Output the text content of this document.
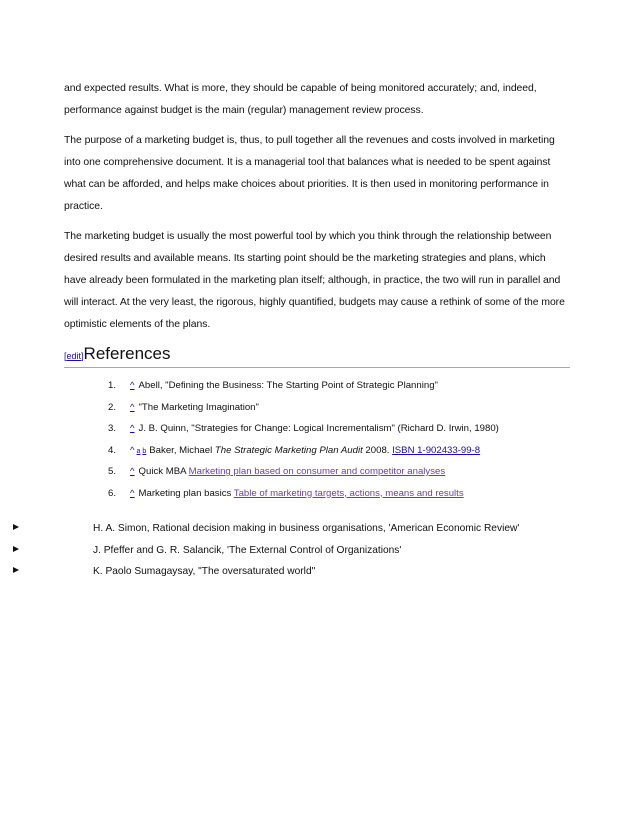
and expected results. What is more, they should be capable of being monitored accurately; and, indeed, performance against budget is the main (regular) management review process.

The purpose of a marketing budget is, thus, to pull together all the revenues and costs involved in marketing into one comprehensive document. It is a managerial tool that balances what is needed to be spent against what can be afforded, and helps make choices about priorities. It is then used in monitoring performance in practice.

The marketing budget is usually the most powerful tool by which you think through the relationship between desired results and available means. Its starting point should be the marketing strategies and plans, which have already been formulated in the marketing plan itself; although, in practice, the two will run in parallel and will interact. At the very least, the rigorous, highly quantified, budgets may cause a rethink of some of the more optimistic elements of the plans.

[ edit ] References
1. ^ Abell, "Defining the Business: The Starting Point of Strategic Planning"
2. ^ "The Marketing Imagination"
3. ^ J. B. Quinn, "Strategies for Change: Logical Incrementalism" (Richard D. Irwin, 1980)
4. ^ a b Baker, Michael The Strategic Marketing Plan Audit 2008. ISBN 1-902433-99-8
5. ^ Quick MBA Marketing plan based on consumer and competitor analyses
6. ^ Marketing plan basics Table of marketing targets, actions, means and results
H. A. Simon, Rational decision making in business organisations, 'American Economic Review'
J. Pfeffer and G. R. Salancik, 'The External Control of Organizations'
K. Paolo Sumagaysay, "The oversaturated world"
